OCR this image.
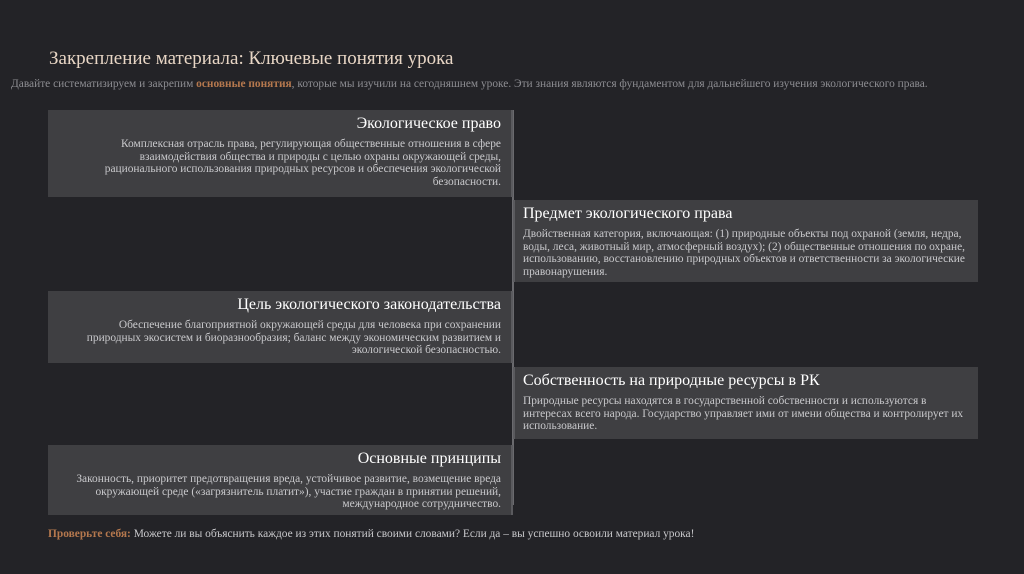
Закрепление материала: Ключевые понятия урока

Давайте систематизируем и закрепим основные понятия, которые мы изучили на сегодняшнем уроке. Эти знания являются фундаментом для дальнейшего изучения экологического права.

Экологическое право

Комплексная отрасль права, регулирующая общественные отношения в сфере взаимодействия общества и природы с целью охраны окружающей среды, рационального использования природных ресурсов и обеспечения экологической безопасности.

Предмет экологического права

Двойственная категория, включающая: (1) природные объекты под охраной (земля, недра, воды, леса, животный мир, атмосферный воздух); (2) общественные отношения по охране, использованию, восстановлению природных объектов и ответственности за экологические правонарушения.

Цель экологического законодательства

Обеспечение благоприятной окружающей среды для человека при сохранении природных экосистем и биоразнообразия; баланс между экономическим развитием и экологической безопасностью.

Собственность на природные ресурсы в РК

Природные ресурсы находятся в государственной собственности и используются в интересах всего народа. Государство управляет ими от имени общества и контролирует их использование.

Основные принципы

Законность, приоритет предотвращения вреда, устойчивое развитие, возмещение вреда окружающей среде («загрязнитель платит»), участие граждан в принятии решений, международное сотрудничество.

Проверьте себя: Можете ли вы объяснить каждое из этих понятий своими словами? Если да – вы успешно освоили материал урока!
